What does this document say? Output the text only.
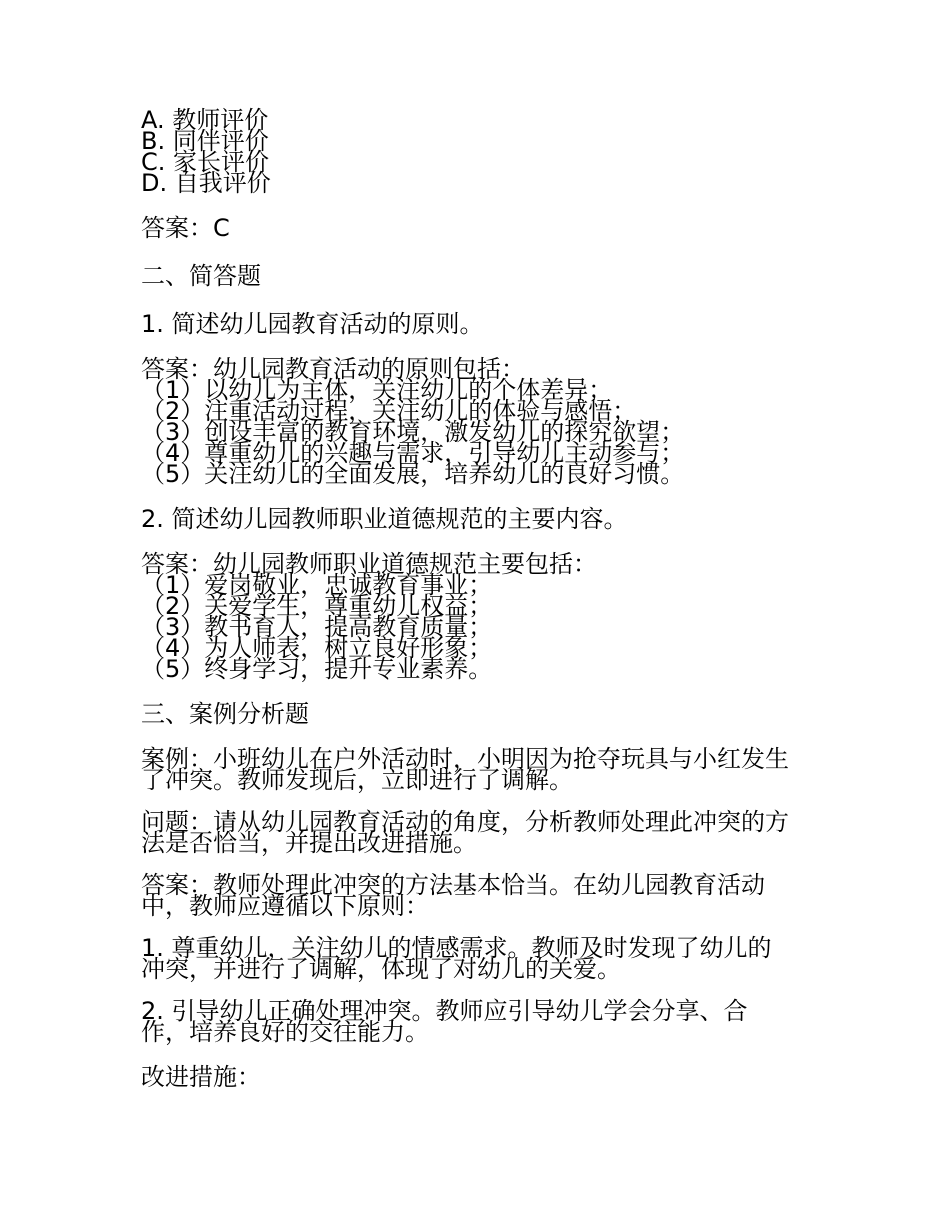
A. 教师评价
B. 同伴评价
C. 家长评价
D. 自我评价
答案：C
二、简答题
1. 简述幼儿园教育活动的原则。
答案：幼儿园教育活动的原则包括：
（1）以幼儿为主体，关注幼儿的个体差异；
（2）注重活动过程，关注幼儿的体验与感悟；
（3）创设丰富的教育环境，激发幼儿的探究欲望；
（4）尊重幼儿的兴趣与需求，引导幼儿主动参与；
（5）关注幼儿的全面发展，培养幼儿的良好习惯。
2. 简述幼儿园教师职业道德规范的主要内容。
答案：幼儿园教师职业道德规范主要包括：
（1）爱岗敬业，忠诚教育事业；
（2）关爱学生，尊重幼儿权益；
（3）教书育人，提高教育质量；
（4）为人师表，树立良好形象；
（5）终身学习，提升专业素养。
三、案例分析题
案例：小班幼儿在户外活动时，小明因为抢夺玩具与小红发生
了冲突。教师发现后，立即进行了调解。
问题：请从幼儿园教育活动的角度，分析教师处理此冲突的方
法是否恰当，并提出改进措施。
答案：教师处理此冲突的方法基本恰当。在幼儿园教育活动
中，教师应遵循以下原则：
1. 尊重幼儿，关注幼儿的情感需求。教师及时发现了幼儿的
冲突，并进行了调解，体现了对幼儿的关爱。
2. 引导幼儿正确处理冲突。教师应引导幼儿学会分享、合
作，培养良好的交往能力。
改进措施：
